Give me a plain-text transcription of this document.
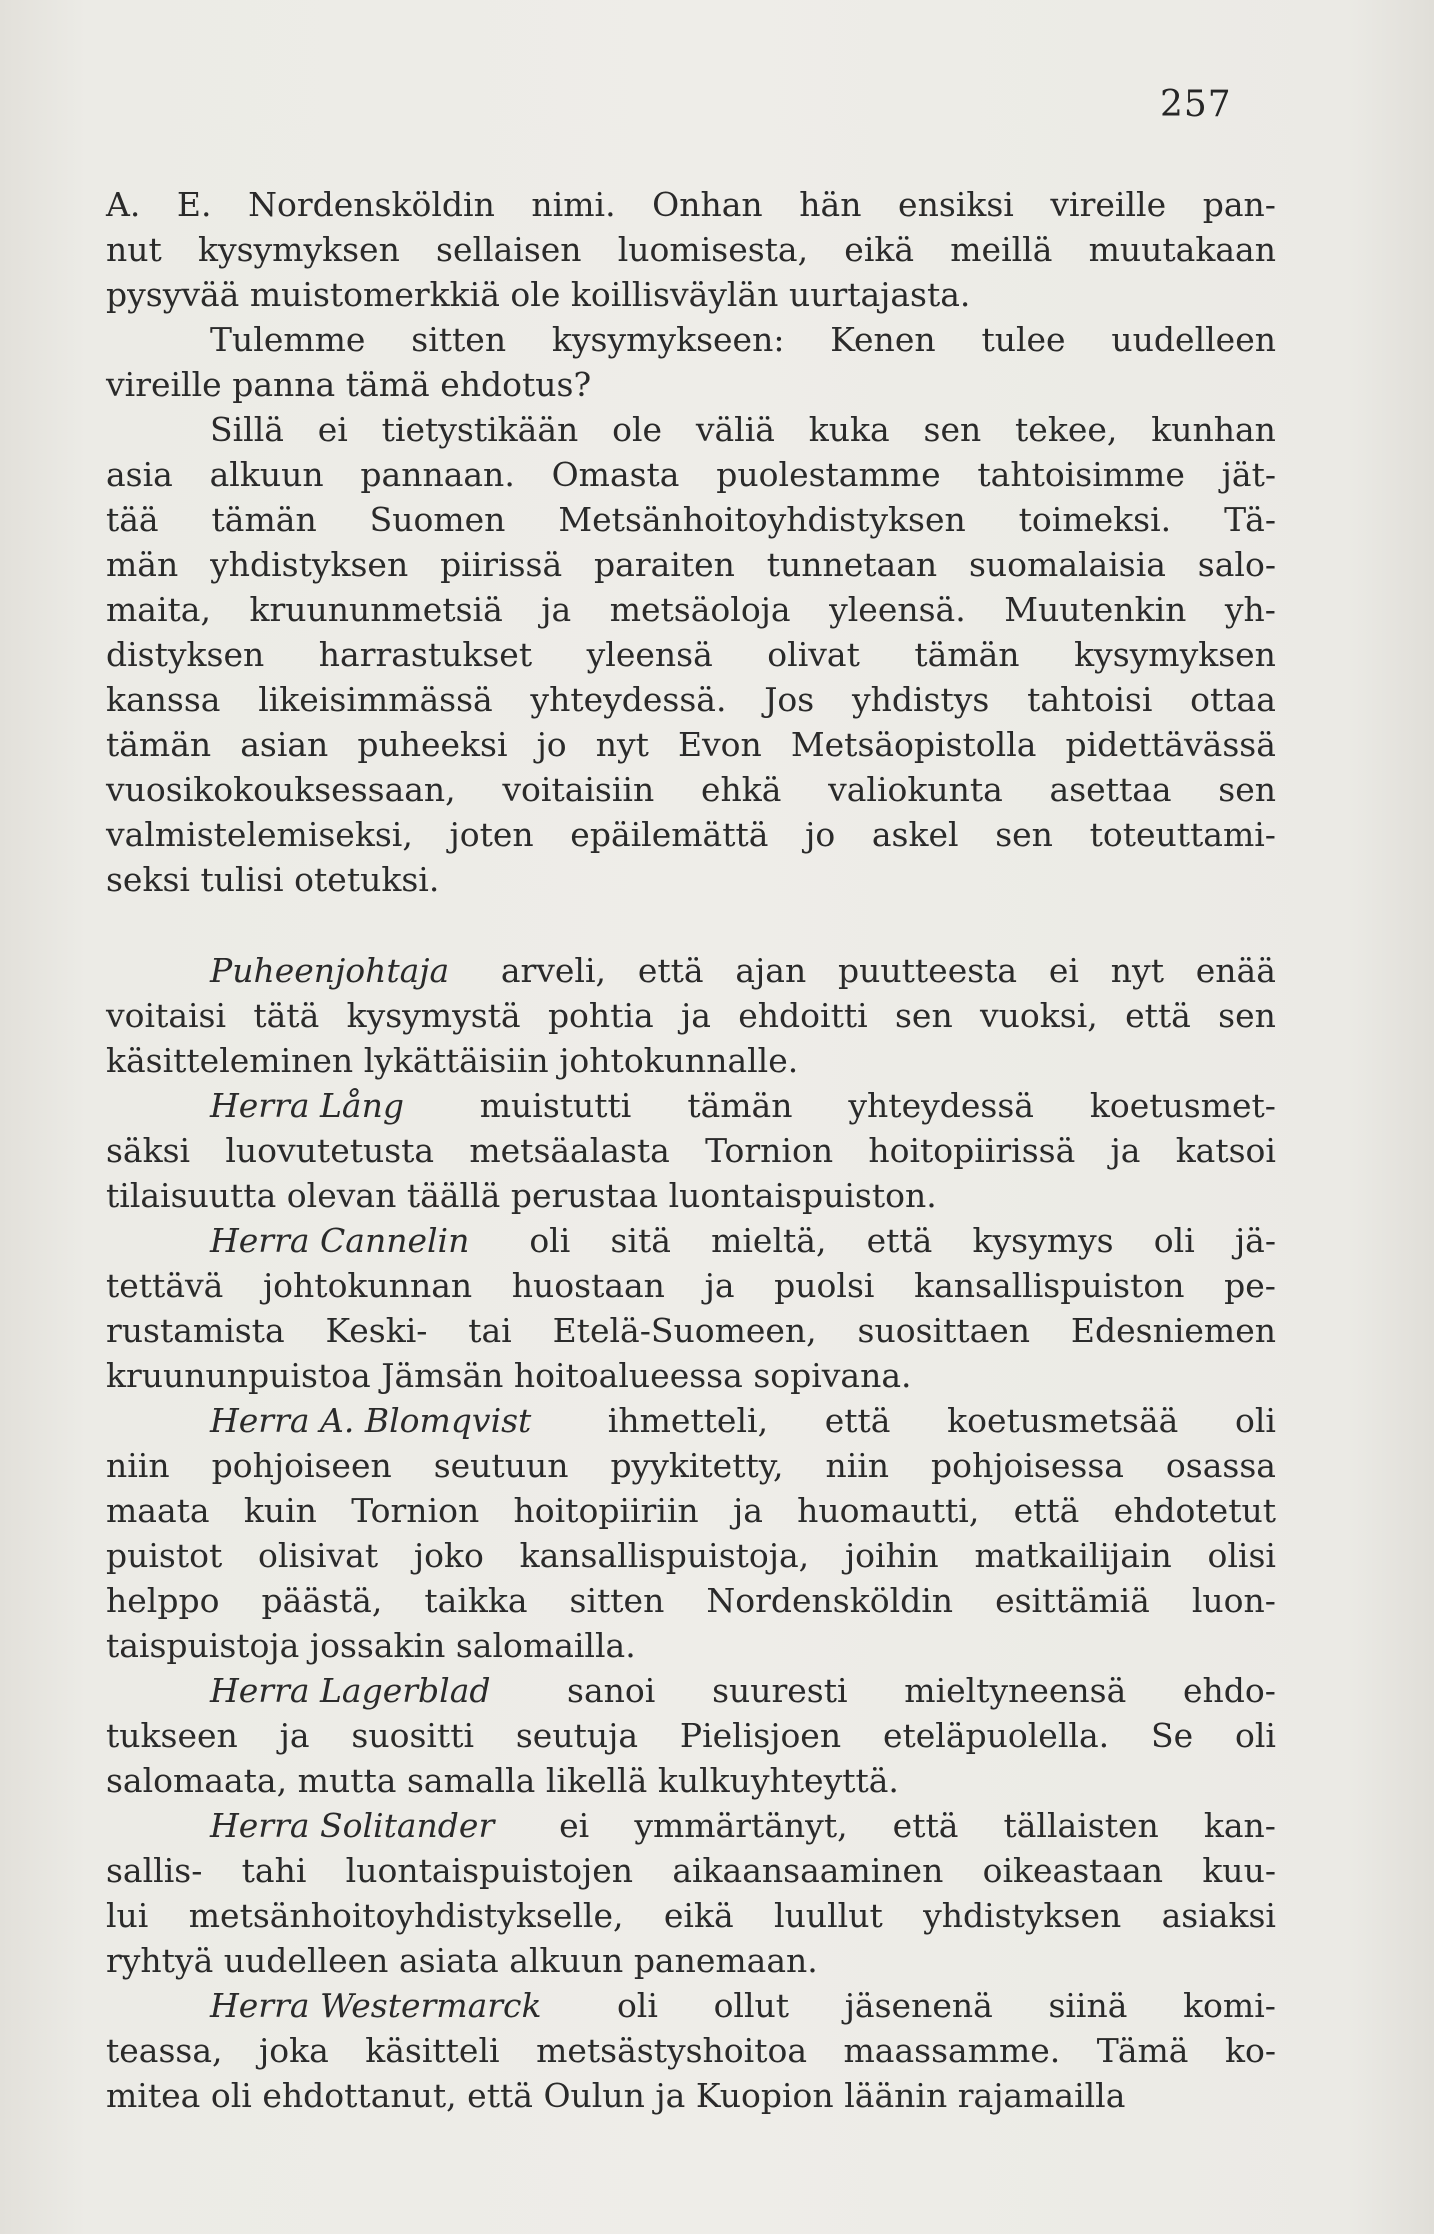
257
A. E. Nordensköldin nimi. Onhan hän ensiksi vireille pan-
nut kysymyksen sellaisen luomisesta, eikä meillä muutakaan
pysyvää muistomerkkiä ole koillisväylän uurtajasta.
Tulemme sitten kysymykseen: Kenen tulee uudelleen
vireille panna tämä ehdotus?
Sillä ei tietystikään ole väliä kuka sen tekee, kunhan
asia alkuun pannaan. Omasta puolestamme tahtoisimme jät-
tää tämän Suomen Metsänhoitoyhdistyksen toimeksi. Tä-
män yhdistyksen piirissä paraiten tunnetaan suomalaisia salo-
maita, kruununmetsiä ja metsäoloja yleensä. Muutenkin yh-
distyksen harrastukset yleensä olivat tämän kysymyksen
kanssa likeisimmässä yhteydessä. Jos yhdistys tahtoisi ottaa
tämän asian puheeksi jo nyt Evon Metsäopistolla pidettävässä
vuosikokouksessaan, voitaisiin ehkä valiokunta asettaa sen
valmistelemiseksi, joten epäilemättä jo askel sen toteuttami-
seksi tulisi otetuksi.
Puheenjohtaja arveli, että ajan puutteesta ei nyt enää
voitaisi tätä kysymystä pohtia ja ehdoitti sen vuoksi, että sen
käsitteleminen lykättäisiin johtokunnalle.
Herra Lång muistutti tämän yhteydessä koetusmet-
säksi luovutetusta metsäalasta Tornion hoitopiirissä ja katsoi
tilaisuutta olevan täällä perustaa luontaispuiston.
Herra Cannelin oli sitä mieltä, että kysymys oli jä-
tettävä johtokunnan huostaan ja puolsi kansallispuiston pe-
rustamista Keski- tai Etelä-Suomeen, suosittaen Edesniemen
kruununpuistoa Jämsän hoitoalueessa sopivana.
Herra A. Blomqvist ihmetteli, että koetusmetsää oli
niin pohjoiseen seutuun pyykitetty, niin pohjoisessa osassa
maata kuin Tornion hoitopiiriin ja huomautti, että ehdotetut
puistot olisivat joko kansallispuistoja, joihin matkailijain olisi
helppo päästä, taikka sitten Nordensköldin esittämiä luon-
taispuistoja jossakin salomailla.
Herra Lagerblad sanoi suuresti mieltyneensä ehdo-
tukseen ja suositti seutuja Pielisjoen eteläpuolella. Se oli
salomaata, mutta samalla likellä kulkuyhteyttä.
Herra Solitander ei ymmärtänyt, että tällaisten kan-
sallis- tahi luontaispuistojen aikaansaaminen oikeastaan kuu-
lui metsänhoitoyhdistykselle, eikä luullut yhdistyksen asiaksi
ryhtyä uudelleen asiata alkuun panemaan.
Herra Westermarck oli ollut jäsenenä siinä komi-
teassa, joka käsitteli metsästyshoitoa maassamme. Tämä ko-
mitea oli ehdottanut, että Oulun ja Kuopion läänin rajamailla
